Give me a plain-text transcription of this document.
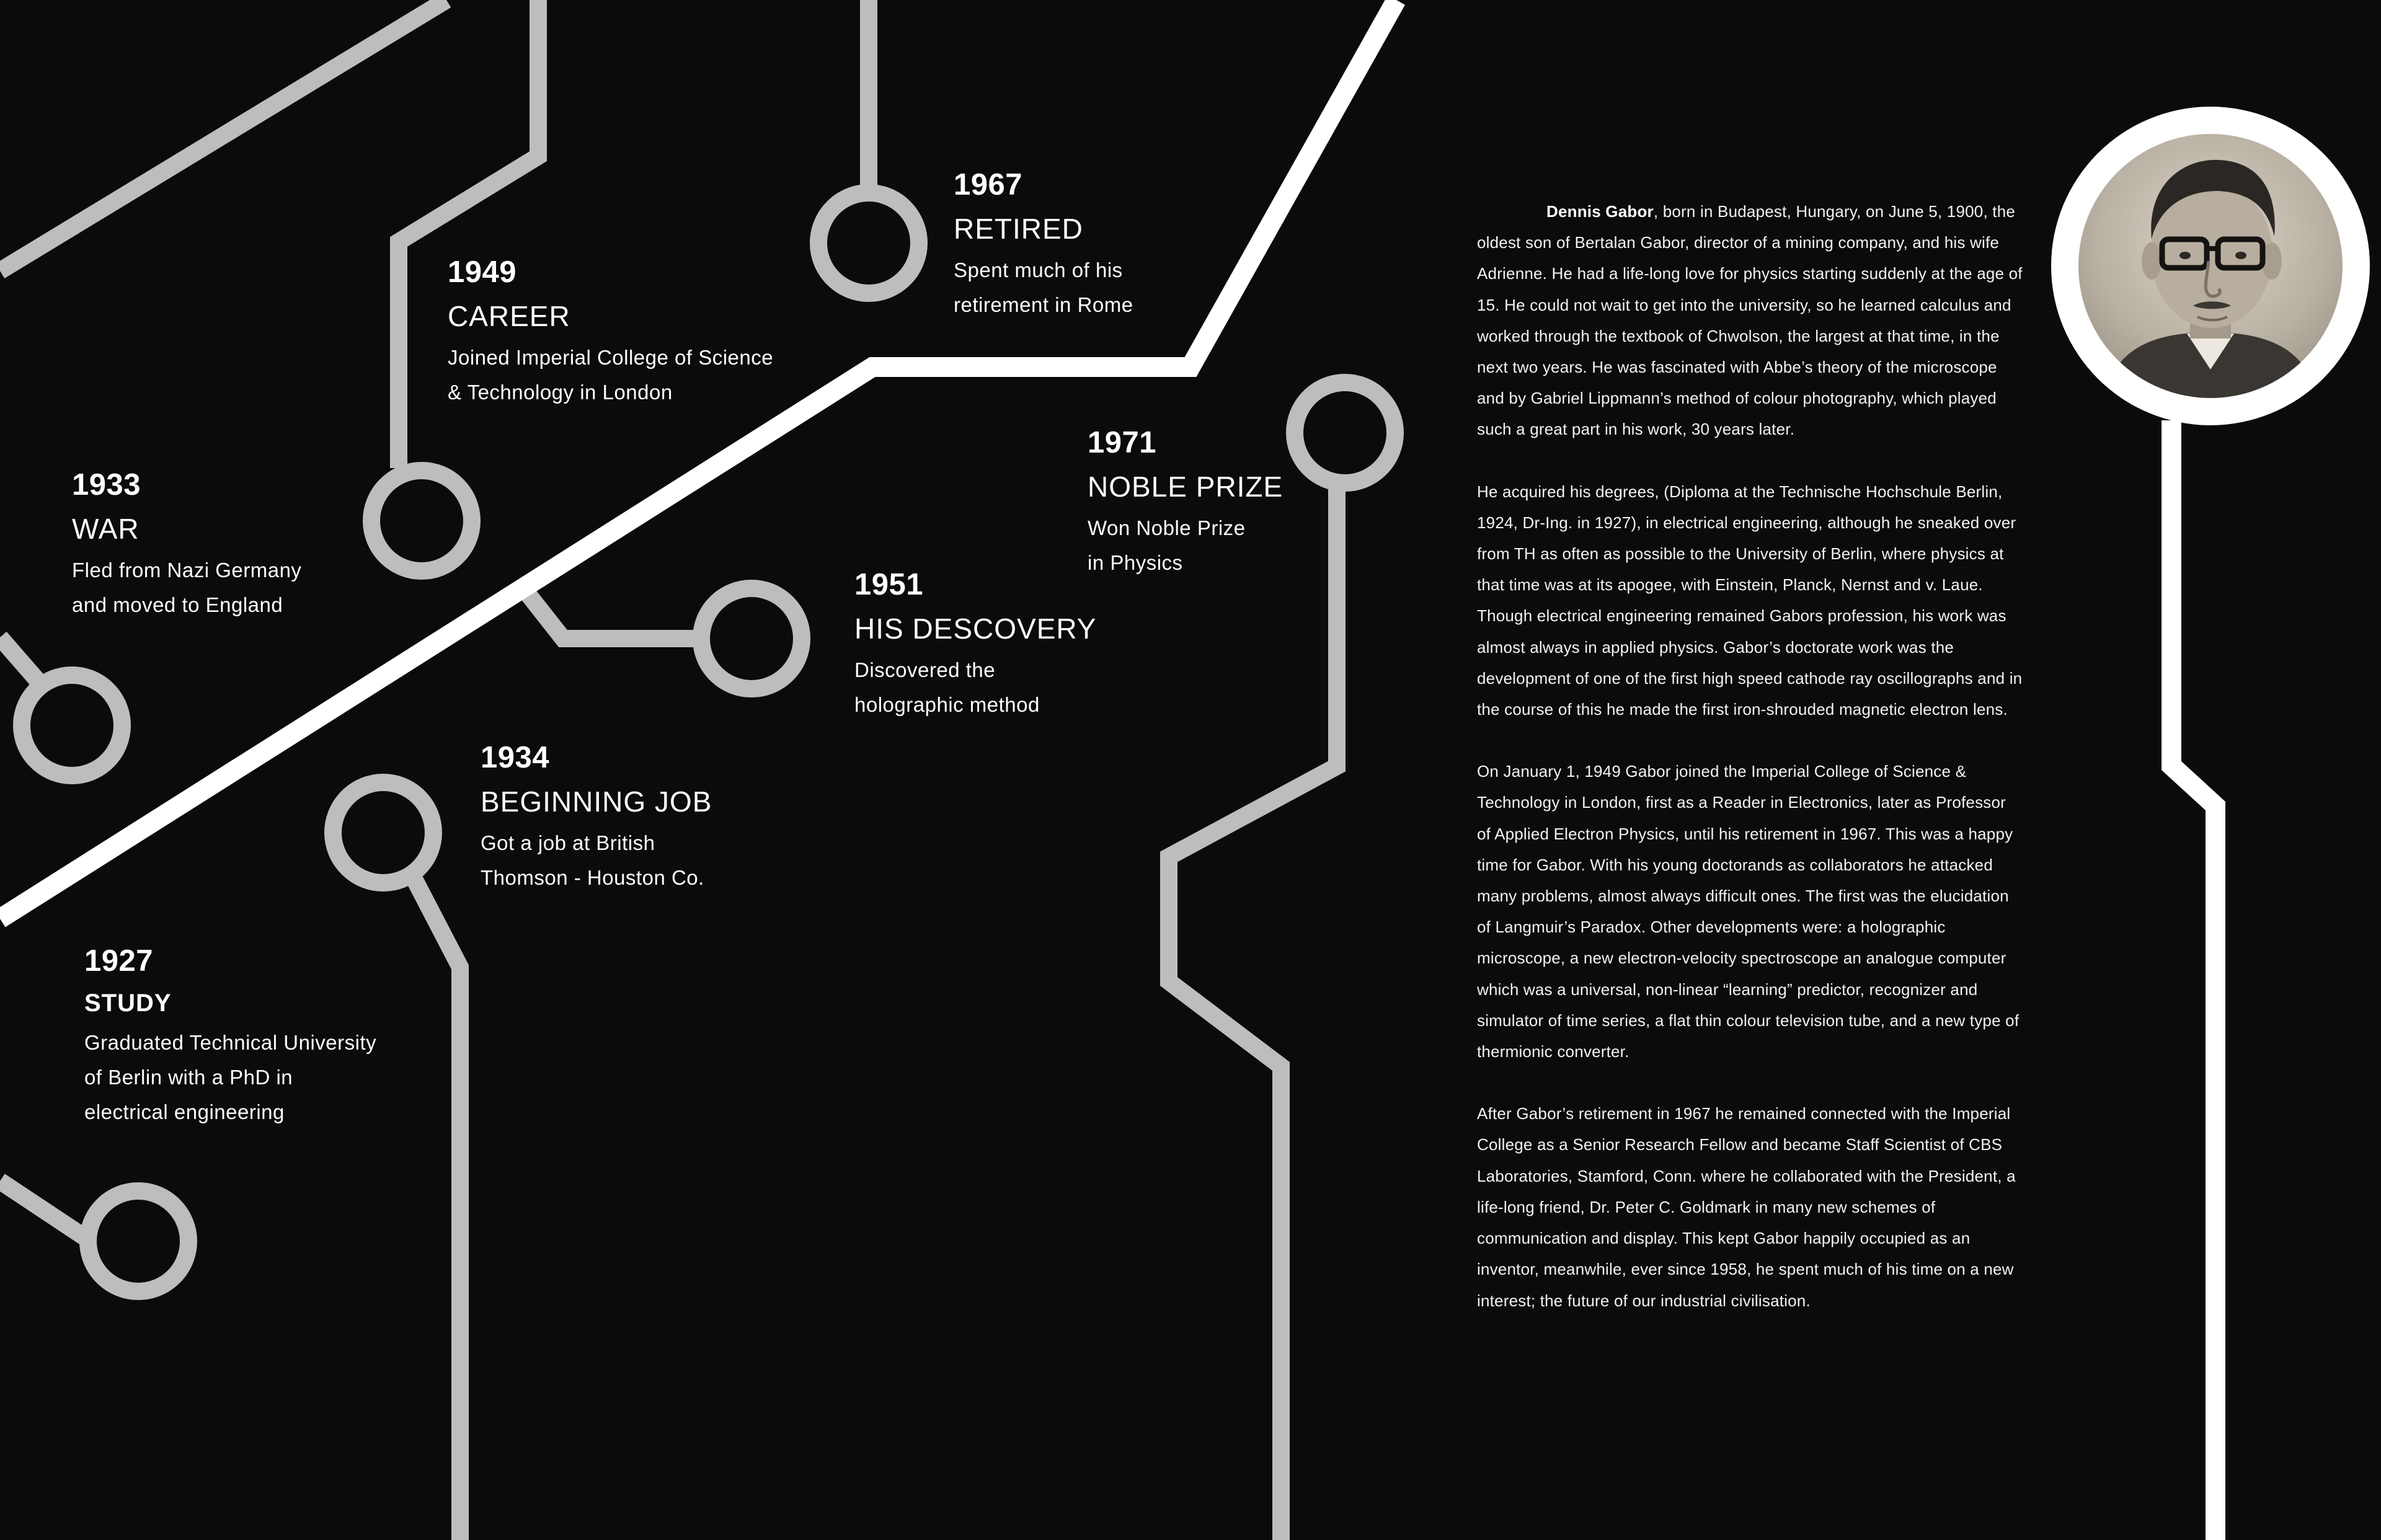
1927
STUDY
Graduated Technical University
of Berlin with a PhD in
electrical engineering
1933
WAR
Fled from Nazi Germany
and moved to England
1934
BEGINNING JOB
Got a job at British
Thomson - Houston Co.
1949
CAREER
Joined Imperial College of Science
& Technology in London
1951
HIS DESCOVERY
Discovered the
holographic method
1967
RETIRED
Spent much of his
retirement in Rome
1971
NOBLE PRIZE
Won Noble Prize
in Physics

Dennis Gabor, born in Budapest, Hungary, on June 5, 1900, the oldest son of Bertalan Gabor, director of a mining company, and his wife Adrienne. He had a life-long love for physics starting suddenly at the age of 15. He could not wait to get into the university, so he learned calculus and worked through the textbook of Chwolson, the largest at that time, in the next two years. He was fascinated with Abbe’s theory of the microscope and by Gabriel Lippmann’s method of colour photography, which played such a great part in his work, 30 years later.

He acquired his degrees, (Diploma at the Technische Hochschule Berlin, 1924, Dr-Ing. in 1927), in electrical engineering, although he sneaked over from TH as often as possible to the University of Berlin, where physics at that time was at its apogee, with Einstein, Planck, Nernst and v. Laue. Though electrical engineering remained Gabors profession, his work was almost always in applied physics. Gabor’s doctorate work was the development of one of the first high speed cathode ray oscillographs and in the course of this he made the first iron-shrouded magnetic electron lens.

On January 1, 1949 Gabor joined the Imperial College of Science & Technology in London, first as a Reader in Electronics, later as Professor of Applied Electron Physics, until his retirement in 1967. This was a happy time for Gabor. With his young doctorands as collaborators he attacked many problems, almost always difficult ones. The first was the elucidation of Langmuir’s Paradox. Other developments were: a holographic microscope, a new electron-velocity spectroscope an analogue computer which was a universal, non-linear “learning” predictor, recognizer and simulator of time series, a flat thin colour television tube, and a new type of thermionic converter.

After Gabor’s retirement in 1967 he remained connected with the Imperial College as a Senior Research Fellow and became Staff Scientist of CBS Laboratories, Stamford, Conn. where he collaborated with the President, a life-long friend, Dr. Peter C. Goldmark in many new schemes of communication and display. This kept Gabor happily occupied as an inventor, meanwhile, ever since 1958, he spent much of his time on a new interest; the future of our industrial civilisation.
